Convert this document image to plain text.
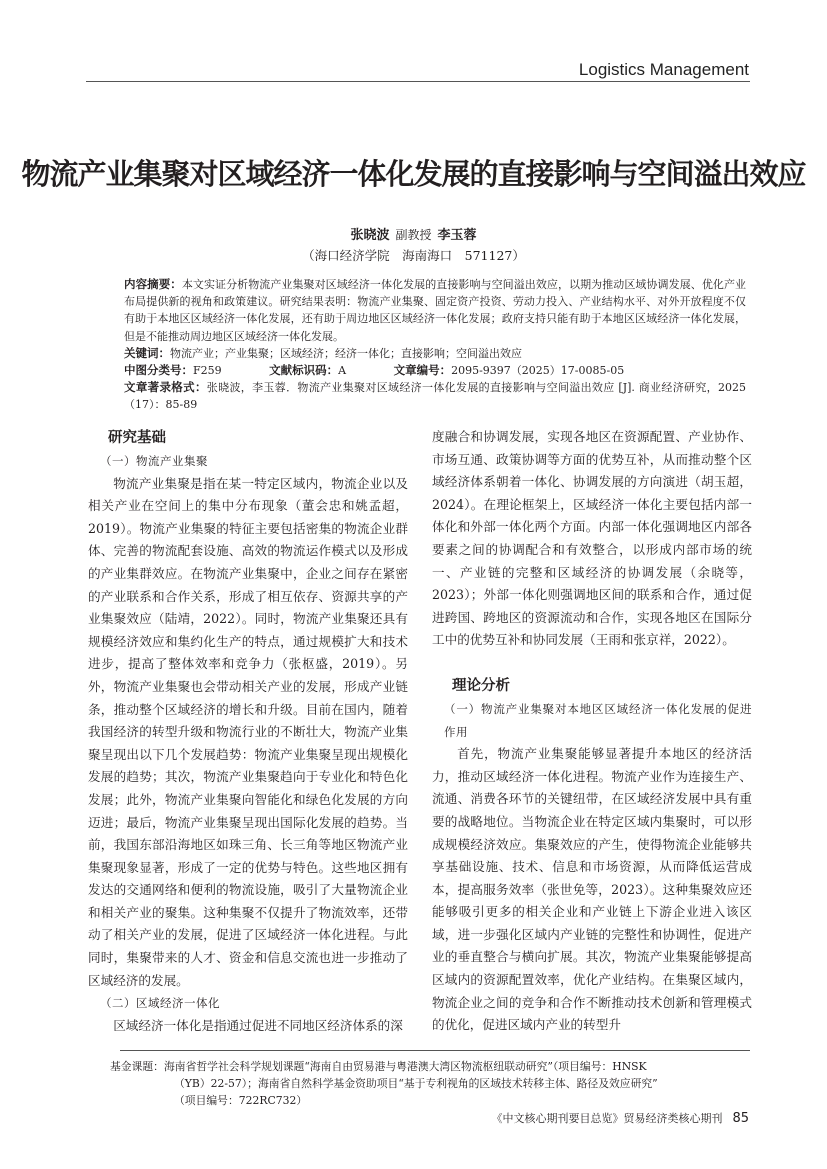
Logistics Management
物流产业集聚对区域经济一体化发展的直接影响与空间溢出效应
张晓波 副教授 李玉蓉
（海口经济学院　海南海口　571127）
内容摘要：本文实证分析物流产业集聚对区域经济一体化发展的直接影响与空间溢出效应，以期为推动区域协调发展、优化产业布局提供新的视角和政策建议。研究结果表明：物流产业集聚、固定资产投资、劳动力投入、产业结构水平、对外开放程度不仅有助于本地区区域经济一体化发展，还有助于周边地区区域经济一体化发展；政府支持只能有助于本地区区域经济一体化发展，但是不能推动周边地区区域经济一体化发展。
关键词：物流产业；产业集聚；区域经济；经济一体化；直接影响；空间溢出效应
中图分类号：F259	文献标识码：A	文章编号：2095-9397（2025）17-0085-05
文章著录格式：张晓波，李玉蓉．物流产业集聚对区域经济一体化发展的直接影响与空间溢出效应 [J]. 商业经济研究，2025（17）：85-89
研究基础
（一）物流产业集聚

物流产业集聚是指在某一特定区域内，物流企业以及相关产业在空间上的集中分布现象（董会忠和姚孟超，2019）。物流产业集聚的特征主要包括密集的物流企业群体、完善的物流配套设施、高效的物流运作模式以及形成的产业集群效应。在物流产业集聚中，企业之间存在紧密的产业联系和合作关系，形成了相互依存、资源共享的产业集聚效应（陆靖，2022）。同时，物流产业集聚还具有规模经济效应和集约化生产的特点，通过规模扩大和技术进步，提高了整体效率和竞争力（张枢盛，2019）。另外，物流产业集聚也会带动相关产业的发展，形成产业链条，推动整个区域经济的增长和升级。目前在国内，随着我国经济的转型升级和物流行业的不断壮大，物流产业集聚呈现出以下几个发展趋势：物流产业集聚呈现出规模化发展的趋势；其次，物流产业集聚趋向于专业化和特色化发展；此外，物流产业集聚向智能化和绿色化发展的方向迈进；最后，物流产业集聚呈现出国际化发展的趋势。当前，我国东部沿海地区如珠三角、长三角等地区物流产业集聚现象显著，形成了一定的优势与特色。这些地区拥有发达的交通网络和便利的物流设施，吸引了大量物流企业和相关产业的聚集。这种集聚不仅提升了物流效率，还带动了相关产业的发展，促进了区域经济一体化进程。与此同时，集聚带来的人才、资金和信息交流也进一步推动了区域经济的发展。

（二）区域经济一体化

区域经济一体化是指通过促进不同地区经济体系的深

度融合和协调发展，实现各地区在资源配置、产业协作、市场互通、政策协调等方面的优势互补，从而推动整个区域经济体系朝着一体化、协调发展的方向演进（胡玉超，2024）。在理论框架上，区域经济一体化主要包括内部一体化和外部一体化两个方面。内部一体化强调地区内部各要素之间的协调配合和有效整合，以形成内部市场的统一、产业链的完整和区域经济的协调发展（余晓等，2023）；外部一体化则强调地区间的联系和合作，通过促进跨国、跨地区的资源流动和合作，实现各地区在国际分工中的优势互补和协同发展（王雨和张京祥，2022）。

理论分析
（一）物流产业集聚对本地区区域经济一体化发展的促进作用

首先，物流产业集聚能够显著提升本地区的经济活力，推动区域经济一体化进程。物流产业作为连接生产、流通、消费各环节的关键纽带，在区域经济发展中具有重要的战略地位。当物流企业在特定区域内集聚时，可以形成规模经济效应。集聚效应的产生，使得物流企业能够共享基础设施、技术、信息和市场资源，从而降低运营成本，提高服务效率（张世免等，2023）。这种集聚效应还能够吸引更多的相关企业和产业链上下游企业进入该区域，进一步强化区域内产业链的完整性和协调性，促进产业的垂直整合与横向扩展。其次，物流产业集聚能够提高区域内的资源配置效率，优化产业结构。在集聚区域内，物流企业之间的竞争和合作不断推动技术创新和管理模式的优化，促进区域内产业的转型升

基金课题：海南省哲学社会科学规划课题“海南自由贸易港与粤港澳大湾区物流枢纽联动研究”（项目编号：HNSK
（YB）22-57）；海南省自然科学基金资助项目“基于专利视角的区域技术转移主体、路径及效应研究”
（项目编号：722RC732）
《中文核心期刊要目总览》贸易经济类核心期刊 85
